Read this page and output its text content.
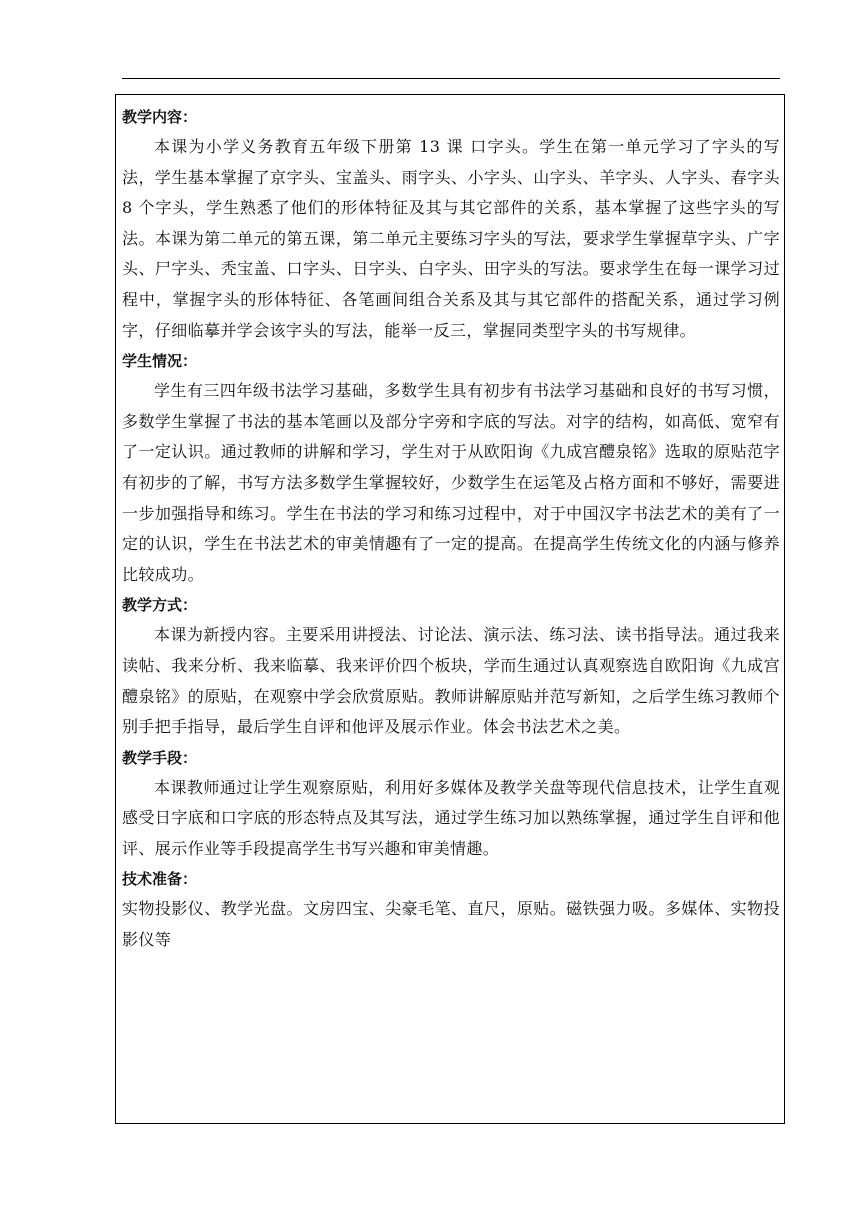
教学内容：

本课为小学义务教育五年级下册第 13 课 口字头。学生在第一单元学习了字头的写法，学生基本掌握了京字头、宝盖头、雨字头、小字头、山字头、羊字头、人字头、春字头 8 个字头，学生熟悉了他们的形体特征及其与其它部件的关系，基本掌握了这些字头的写法。本课为第二单元的第五课，第二单元主要练习字头的写法，要求学生掌握草字头、广字头、尸字头、秃宝盖、口字头、日字头、白字头、田字头的写法。要求学生在每一课学习过程中，掌握字头的形体特征、各笔画间组合关系及其与其它部件的搭配关系，通过学习例字，仔细临摹并学会该字头的写法，能举一反三，掌握同类型字头的书写规律。

学生情况：

学生有三四年级书法学习基础，多数学生具有初步有书法学习基础和良好的书写习惯，多数学生掌握了书法的基本笔画以及部分字旁和字底的写法。对字的结构，如高低、宽窄有了一定认识。通过教师的讲解和学习，学生对于从欧阳询《九成宫醴泉铭》选取的原贴范字有初步的了解，书写方法多数学生掌握较好，少数学生在运笔及占格方面和不够好，需要进一步加强指导和练习。学生在书法的学习和练习过程中，对于中国汉字书法艺术的美有了一定的认识，学生在书法艺术的审美情趣有了一定的提高。在提高学生传统文化的内涵与修养比较成功。

教学方式：

本课为新授内容。主要采用讲授法、讨论法、演示法、练习法、读书指导法。通过我来读帖、我来分析、我来临摹、我来评价四个板块，学而生通过认真观察选自欧阳询《九成宫醴泉铭》的原贴，在观察中学会欣赏原贴。教师讲解原贴并范写新知，之后学生练习教师个别手把手指导，最后学生自评和他评及展示作业。体会书法艺术之美。

教学手段：

本课教师通过让学生观察原贴，利用好多媒体及教学关盘等现代信息技术，让学生直观感受日字底和口字底的形态特点及其写法，通过学生练习加以熟练掌握，通过学生自评和他评、展示作业等手段提高学生书写兴趣和审美情趣。

技术准备：

实物投影仪、教学光盘。文房四宝、尖豪毛笔、直尺，原贴。磁铁强力吸。多媒体、实物投影仪等
